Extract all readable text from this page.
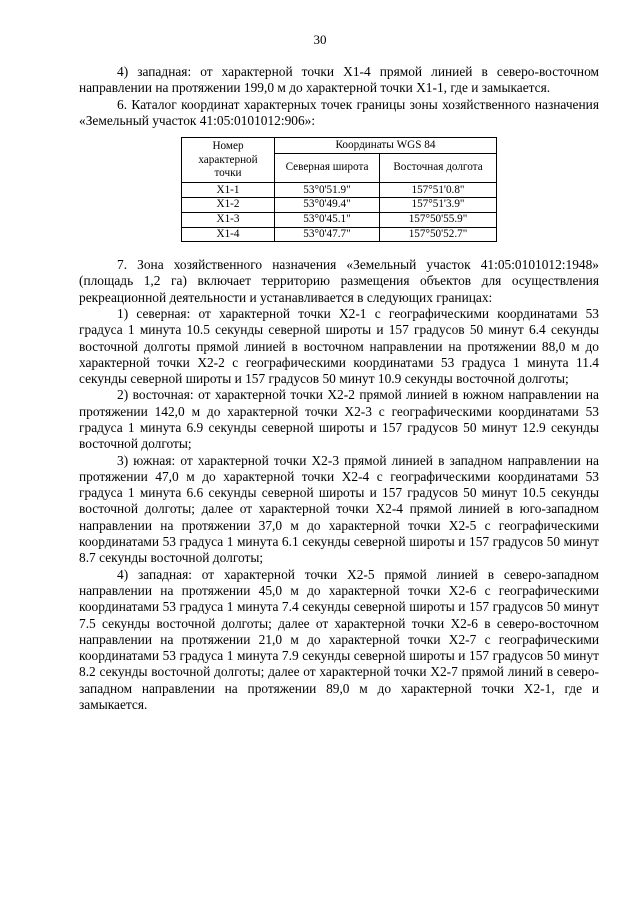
30

4) западная: от характерной точки Х1-4 прямой линией в северо-восточном направлении на протяжении 199,0 м до характерной точки Х1-1, где и замыкается.

6. Каталог координат характерных точек границы зоны хозяйственного назначения «Земельный участок 41:05:0101012:906»:

Номер характерной точки	Координаты WGS 84	
	Северная широта	Восточная долгота
Х1-1	53°0'51.9"	157°51'0.8"
Х1-2	53°0'49.4"	157°51'3.9"
Х1-3	53°0'45.1"	157°50'55.9"
Х1-4	53°0'47.7"	157°50'52.7"

7. Зона хозяйственного назначения «Земельный участок 41:05:0101012:1948» (площадь 1,2 га) включает территорию размещения объектов для осуществления рекреационной деятельности и устанавливается в следующих границах:

1) северная: от характерной точки Х2-1 с географическими координатами 53 градуса 1 минута 10.5 секунды северной широты и 157 градусов 50 минут 6.4 секунды восточной долготы прямой линией в восточном направлении на протяжении 88,0 м до характерной точки Х2-2 с географическими координатами 53 градуса 1 минута 11.4 секунды северной широты и 157 градусов 50 минут 10.9 секунды восточной долготы;

2) восточная: от характерной точки Х2-2 прямой линией в южном направлении на протяжении 142,0 м до характерной точки Х2-3 с географическими координатами 53 градуса 1 минута 6.9 секунды северной широты и 157 градусов 50 минут 12.9 секунды восточной долготы;

3) южная: от характерной точки Х2-3 прямой линией в западном направлении на протяжении 47,0 м до характерной точки Х2-4 с географическими координатами 53 градуса 1 минута 6.6 секунды северной широты и 157 градусов 50 минут 10.5 секунды восточной долготы; далее от характерной точки Х2-4 прямой линией в юго-западном направлении на протяжении 37,0 м до характерной точки Х2-5 с географическими координатами 53 градуса 1 минута 6.1 секунды северной широты и 157 градусов 50 минут 8.7 секунды восточной долготы;

4) западная: от характерной точки Х2-5 прямой линией в северо-западном направлении на протяжении 45,0 м до характерной точки Х2-6 с географическими координатами 53 градуса 1 минута 7.4 секунды северной широты и 157 градусов 50 минут 7.5 секунды восточной долготы; далее от характерной точки Х2-6 в северо-восточном направлении на протяжении 21,0 м до характерной точки Х2-7 с географическими координатами 53 градуса 1 минута 7.9 секунды северной широты и 157 градусов 50 минут 8.2 секунды восточной долготы; далее от характерной точки Х2-7 прямой линий в северо-западном направлении на протяжении 89,0 м до характерной точки Х2-1, где и замыкается.
